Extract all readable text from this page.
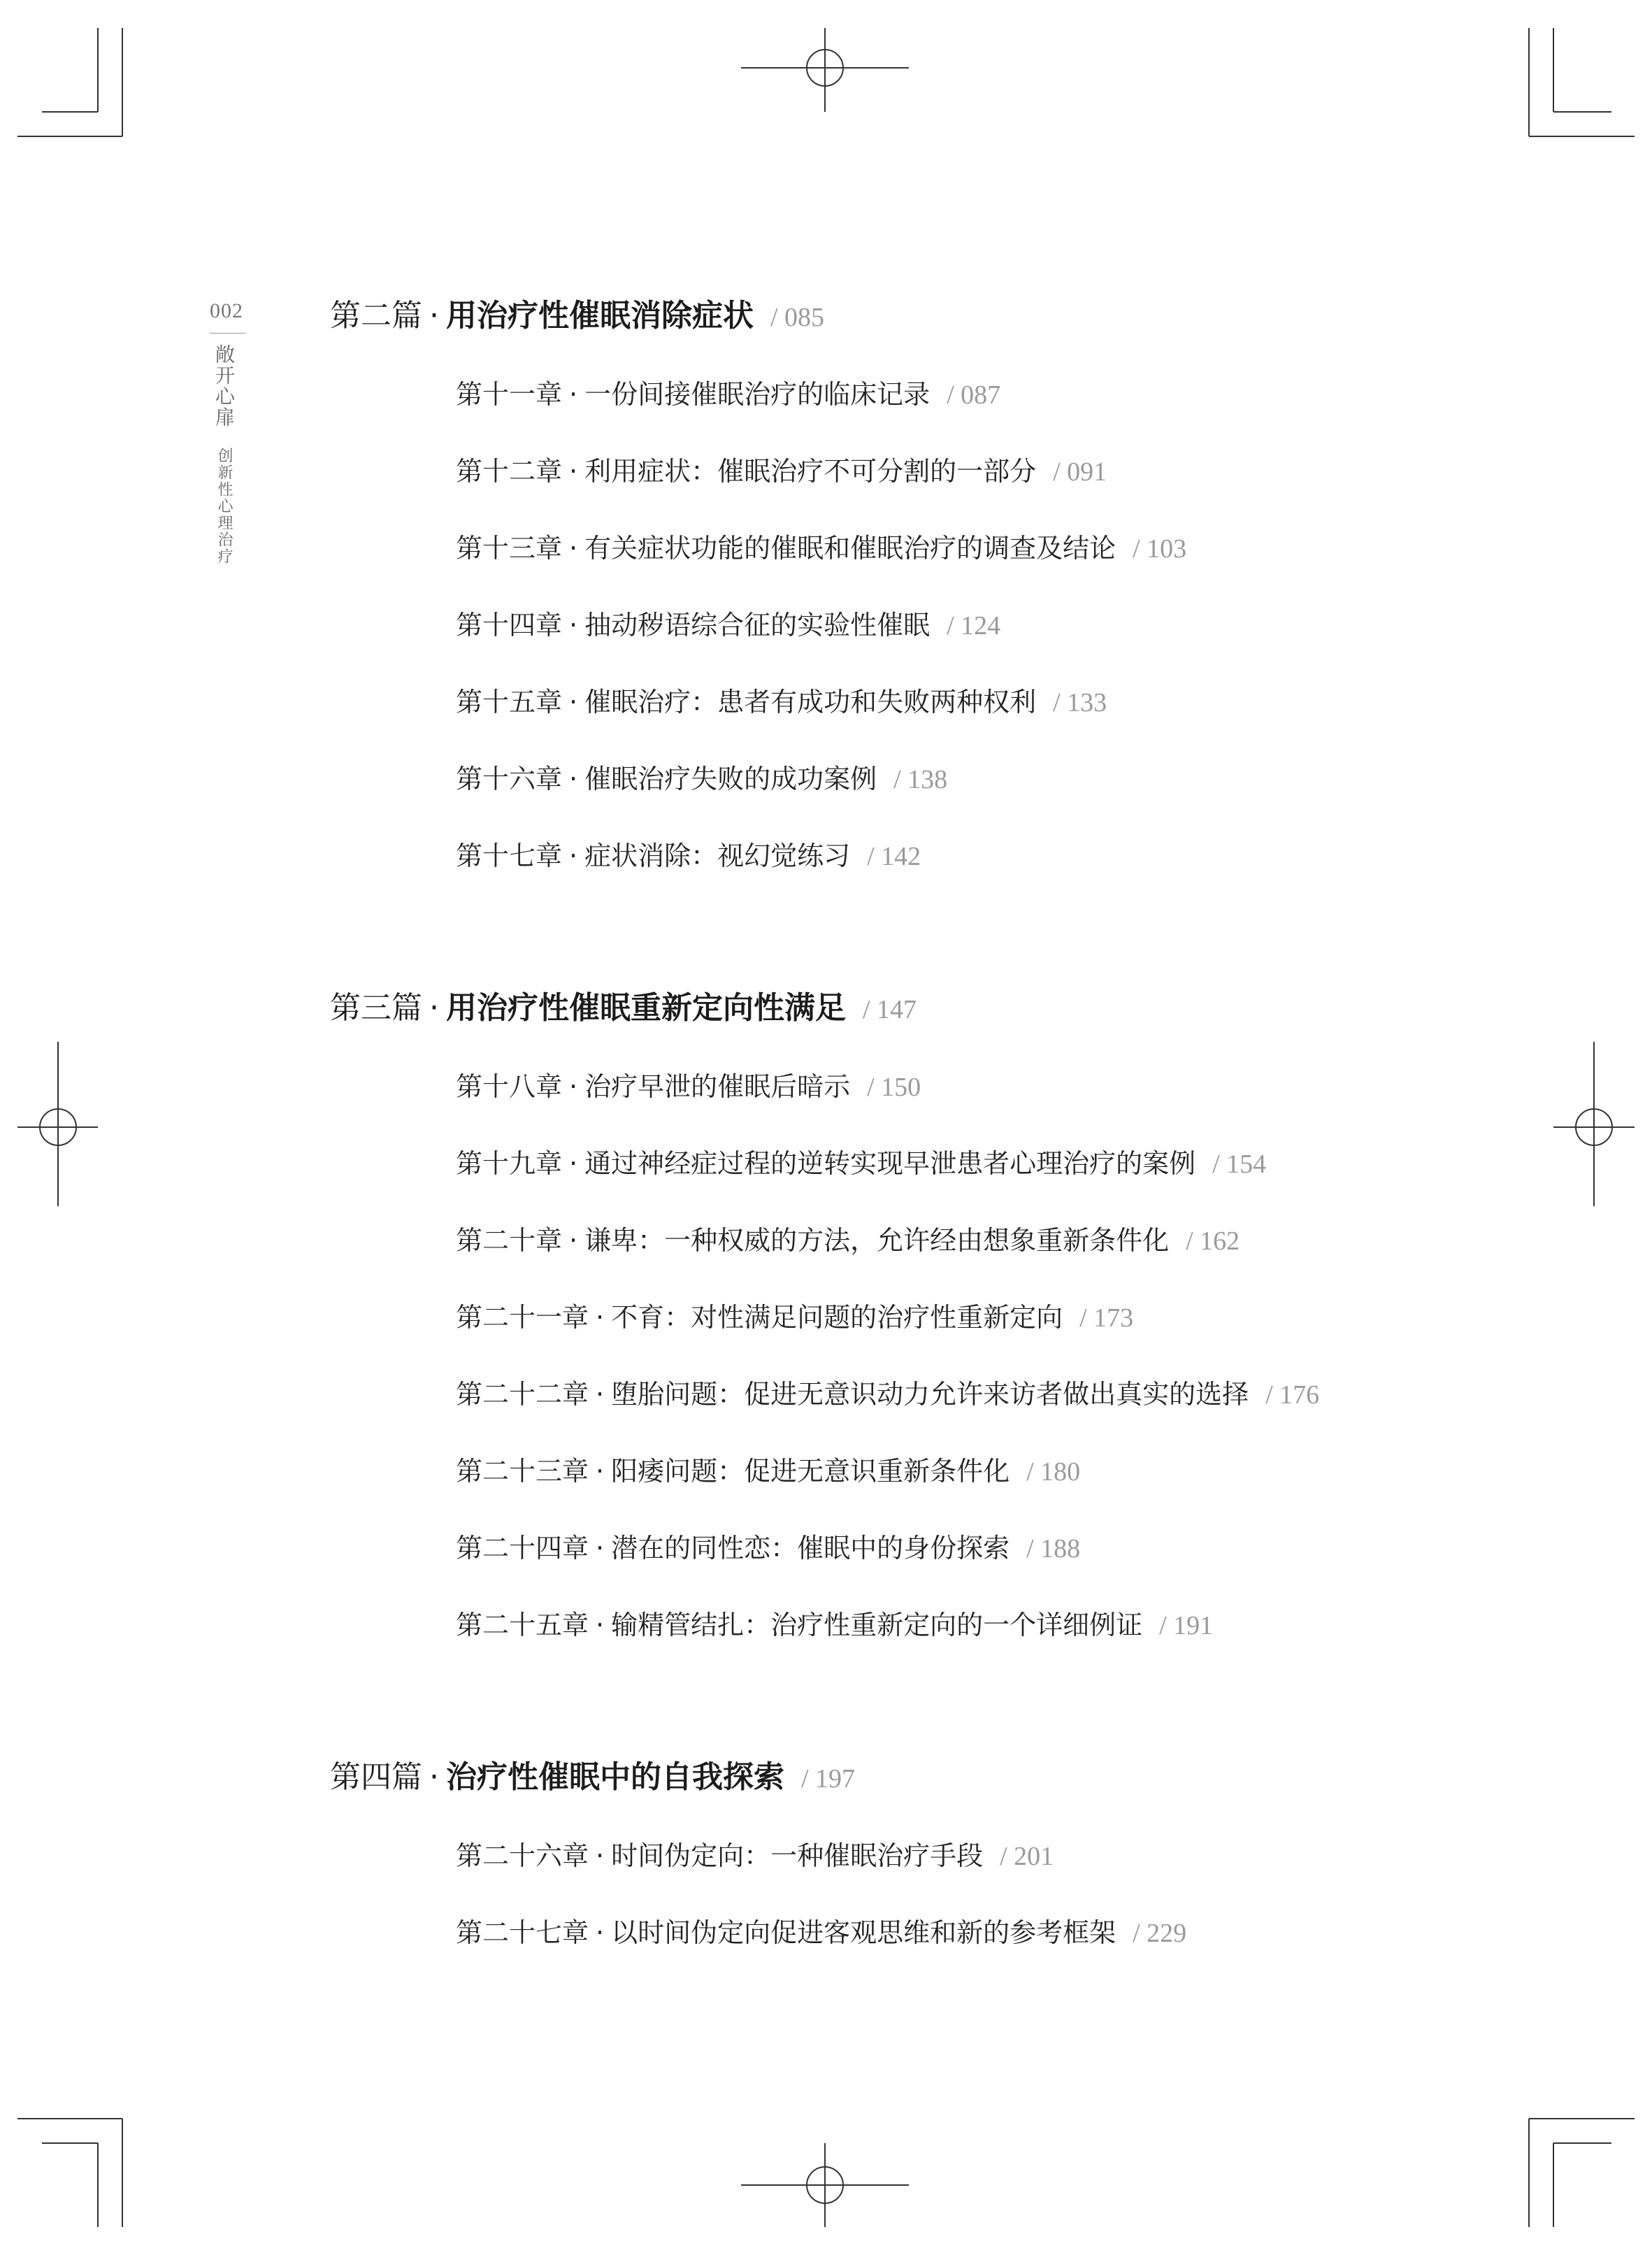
002
敞开心扉创新性心理治疗
第二篇 · 用治疗性催眠消除症状 / 085
第十一章 · 一份间接催眠治疗的临床记录 / 087
第十二章 · 利用症状：催眠治疗不可分割的一部分 / 091
第十三章 · 有关症状功能的催眠和催眠治疗的调查及结论 / 103
第十四章 · 抽动秽语综合征的实验性催眠 / 124
第十五章 · 催眠治疗：患者有成功和失败两种权利 / 133
第十六章 · 催眠治疗失败的成功案例 / 138
第十七章 · 症状消除：视幻觉练习 / 142
第三篇 · 用治疗性催眠重新定向性满足 / 147
第十八章 · 治疗早泄的催眠后暗示 / 150
第十九章 · 通过神经症过程的逆转实现早泄患者心理治疗的案例 / 154
第二十章 · 谦卑：一种权威的方法，允许经由想象重新条件化 / 162
第二十一章 · 不育：对性满足问题的治疗性重新定向 / 173
第二十二章 · 堕胎问题：促进无意识动力允许来访者做出真实的选择 / 176
第二十三章 · 阳痿问题：促进无意识重新条件化 / 180
第二十四章 · 潜在的同性恋：催眠中的身份探索 / 188
第二十五章 · 输精管结扎：治疗性重新定向的一个详细例证 / 191
第四篇 · 治疗性催眠中的自我探索 / 197
第二十六章 · 时间伪定向：一种催眠治疗手段 / 201
第二十七章 · 以时间伪定向促进客观思维和新的参考框架 / 229
